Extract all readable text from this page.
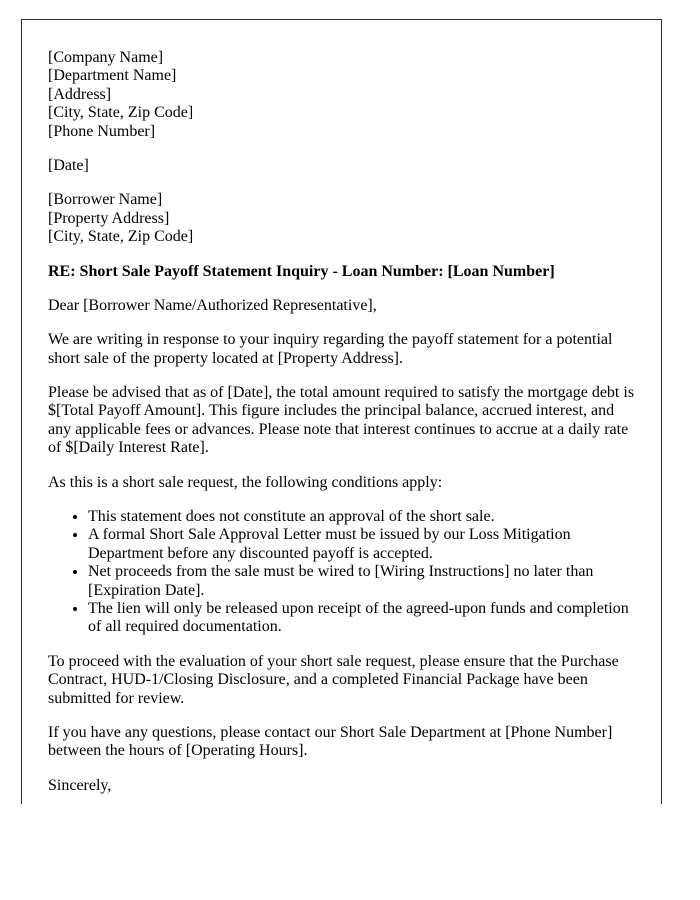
[Company Name]
[Department Name]
[Address]
[City, State, Zip Code]
[Phone Number]
[Date]
[Borrower Name]
[Property Address]
[City, State, Zip Code]
RE: Short Sale Payoff Statement Inquiry - Loan Number: [Loan Number]
Dear [Borrower Name/Authorized Representative],
We are writing in response to your inquiry regarding the payoff statement for a potential short sale of the property located at [Property Address].
Please be advised that as of [Date], the total amount required to satisfy the mortgage debt is $[Total Payoff Amount]. This figure includes the principal balance, accrued interest, and any applicable fees or advances. Please note that interest continues to accrue at a daily rate of $[Daily Interest Rate].
As this is a short sale request, the following conditions apply:
• This statement does not constitute an approval of the short sale.
• A formal Short Sale Approval Letter must be issued by our Loss Mitigation Department before any discounted payoff is accepted.
• Net proceeds from the sale must be wired to [Wiring Instructions] no later than [Expiration Date].
• The lien will only be released upon receipt of the agreed-upon funds and completion of all required documentation.
To proceed with the evaluation of your short sale request, please ensure that the Purchase Contract, HUD-1/Closing Disclosure, and a completed Financial Package have been submitted for review.
If you have any questions, please contact our Short Sale Department at [Phone Number] between the hours of [Operating Hours].
Sincerely,
